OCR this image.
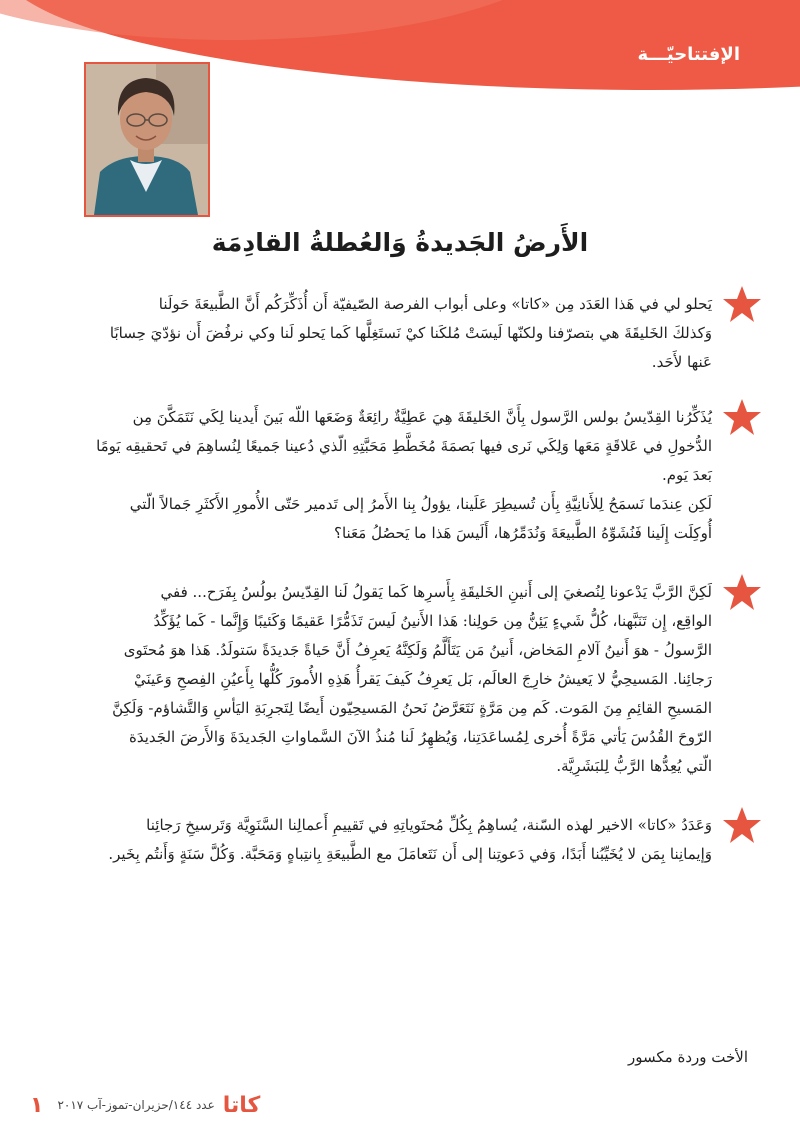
الإفتتاحيّـــة
الأَرضُ الجَديدةُ وَالعُطلةُ القادِمَة

يَحلو لي في هَذا العَدَد مِن «كاتا» وعلى أبواب الفرصة الصّيفيّة أَن أُذَكِّرَكُم أَنَّ الطَّبيعَةَ حَولَنا

وَكذلكَ الخَليقَةَ هي بتصرّفنا ولكنّها لَيسَتْ مُلكَنا كيْ نَستَغِلَّها كَما يَحلو لَنا وكي نرفُضَ أَن نؤدّيَ حِسابًا

عَنها لأَحَد.

يُذَكِّرُنا القِدّيسُ بولس الرَّسول بِأَنَّ الخَليقَةَ هِيَ عَطِيَّةٌ رائِعَةٌ وَضَعَها اللّه بَينَ أَيدينا لِكَي نَتَمَكَّنَ مِن

الدُّخولِ في عَلاقَةٍ مَعَها وَلِكَي نَرى فيها بَصمَةَ مُخَطَّطِ مَحَبَّتِهِ الّذي دُعينا جَميعًا لِنُساهِمَ في تَحقيقِه يَومًا

بَعدَ يَوم.

لَكِن عِندَما نَسمَحُ لِلأَنانِيَّةِ بِأَن تُسيطِرَ عَلَينا، يؤولُ بِنا الأَمرُ إلى تَدمير حَتّى الأُمورِ الأَكثَرِ جَمالاً الّتي

أُوكِلَت إِلَينا فَنُشَوِّهُ الطَّبيعَةَ وَنُدَمِّرُها، أَلَيسَ هَذا ما يَحصُلُ مَعَنا؟

لَكِنَّ الرَّبَّ يَدْعونا لِنُصغيَ إلى أَنينِ الخَليقَةِ بِأَسرِها كَما يَقولُ لَنا القِدّيسُ بولُسُ بِفَرَح... ففي

الواقِع، إِن تَنَبَّهنا، كُلُّ شَيءٍ يَئِنُّ مِن حَولِنا: هَذا الأَنينُ لَيسَ تَذَمُّرًا عَقيمًا وَكَئيبًا وَإِنَّما - كَما يُؤَكِّدُ

الرَّسولُ - هوَ أَنينُ آلامِ المَخاض، أَنينُ مَن يَتَأَلَّمُ وَلَكِنَّهُ يَعرِفُ أَنَّ حَياةً جَديدَةً سَتولَدُ. هَذا هوَ مُحتَوى

رَجائِنا. المَسيحِيُّ لا يَعيشُ خارِجَ العالَم، بَل يَعرِفُ كَيفَ يَقرأُ هَذِهِ الأُمورَ كُلُّها بِأَعيُنِ الفِصحِ وَعَينَيْ

المَسيحِ القائِمِ مِنَ المَوت. كَم مِن مَرَّةٍ نَتَعَرَّضُ نَحنُ المَسيحِيّون أَيضًا لِتَجرِبَةِ اليَأسِ وَالتَّشاؤم- وَلَكِنَّ

الرّوحَ القُدُسَ يَأتي مَرَّةً أُخرى لِمُساعَدَتِنا، وَيُظهِرُ لَنا مُنذُ الآنَ السَّماواتِ الجَديدَةَ وَالأَرضَ الجَديدَة

الّتي يُعِدُّها الرَّبُّ لِلبَشَرِيَّة.

وَعَدَدُ «كاتا» الاخير لهذه السّنة، يُساهِمُ بِكُلِّ مُحتَوياتِهِ في تَقييمِ أَعمالِنا السَّنَوِيَّة وَتَرسيخِ رَجائِنا

وَإيمانِنا بِمَن لا يُخَيِّبُنا أَبَدًا، وَفي دَعوتِنا إلى أَن نَتَعامَلَ مع الطَّبيعَةِ بِانتِباهٍ وَمَحَبَّة. وَكُلَّ سَنَةٍ وَأَنتُم بِخَير.

الأخت وردة مكسور
١ عدد ١٤٤/حزيران-تموز-آب ٢٠١٧ كاتا
